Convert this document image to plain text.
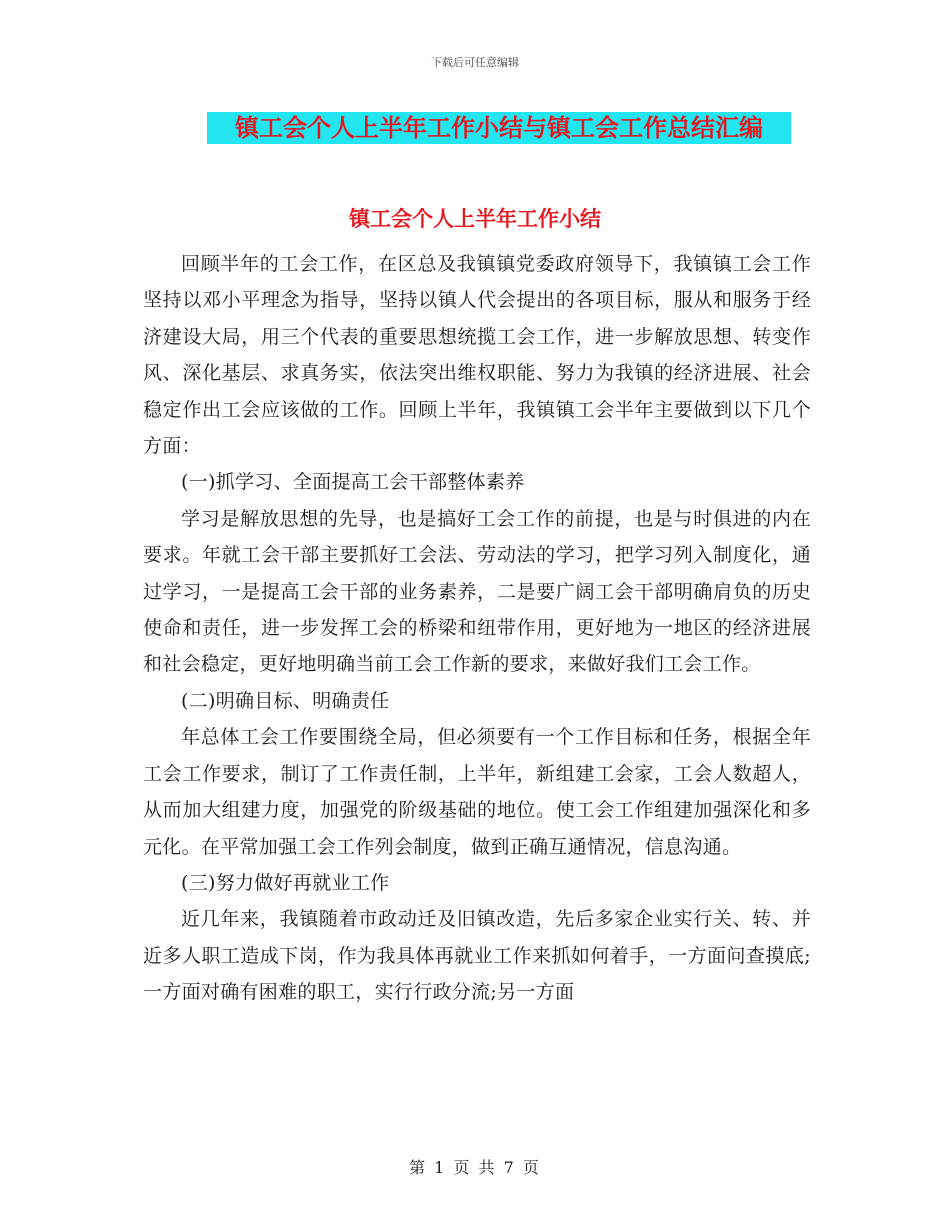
下载后可任意编辑
镇工会个人上半年工作小结与镇工会工作总结汇编
镇工会个人上半年工作小结

回顾半年的工会工作，在区总及我镇镇党委政府领导下，我镇镇工会工作坚持以邓小平理念为指导，坚持以镇人代会提出的各项目标，服从和服务于经济建设大局，用三个代表的重要思想统揽工会工作，进一步解放思想、转变作风、深化基层、求真务实，依法突出维权职能、努力为我镇的经济进展、社会稳定作出工会应该做的工作。回顾上半年，我镇镇工会半年主要做到以下几个方面：

(一)抓学习、全面提高工会干部整体素养

学习是解放思想的先导，也是搞好工会工作的前提，也是与时俱进的内在要求。年就工会干部主要抓好工会法、劳动法的学习，把学习列入制度化，通过学习，一是提高工会干部的业务素养，二是要广阔工会干部明确肩负的历史使命和责任，进一步发挥工会的桥梁和纽带作用，更好地为一地区的经济进展和社会稳定，更好地明确当前工会工作新的要求，来做好我们工会工作。

(二)明确目标、明确责任

年总体工会工作要围绕全局，但必须要有一个工作目标和任务，根据全年工会工作要求，制订了工作责任制，上半年，新组建工会家，工会人数超人，从而加大组建力度，加强党的阶级基础的地位。使工会工作组建加强深化和多元化。在平常加强工会工作列会制度，做到正确互通情况，信息沟通。

(三)努力做好再就业工作

近几年来，我镇随着市政动迁及旧镇改造，先后多家企业实行关、转、并近多人职工造成下岗，作为我具体再就业工作来抓如何着手，一方面问查摸底;一方面对确有困难的职工，实行行政分流;另一方面

第 1 页 共 7 页
